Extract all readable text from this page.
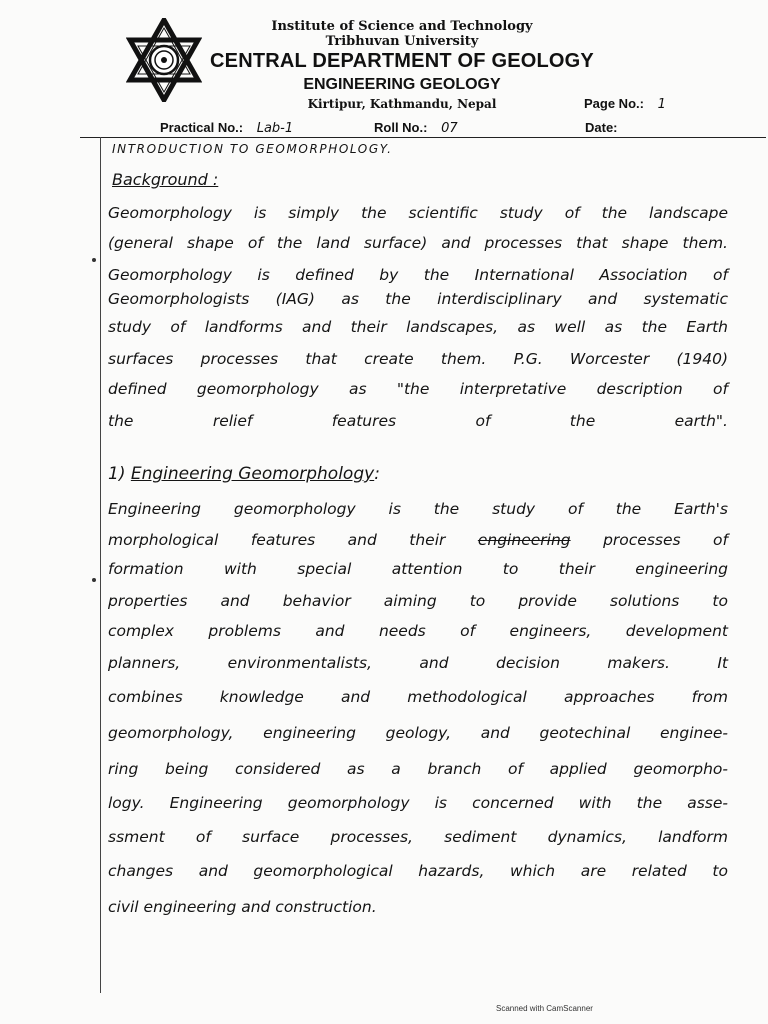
Institute of Science and Technology
Tribhuvan University
CENTRAL DEPARTMENT OF GEOLOGY
ENGINEERING GEOLOGY
Kirtipur, Kathmandu, Nepal	Page No.: 1
Practical No.: Lab-1	Roll No.: 07	Date:
INTRODUCTION TO GEOMORPHOLOGY.
Background :
Geomorphology is simply the scientific study of the landscape
(general shape of the land surface) and processes that shape them.
Geomorphology is defined by the International Association of
Geomorphologists (IAG) as the interdisciplinary and systematic
study of landforms and their landscapes, as well as the Earth
surfaces processes that create them. P.G. Worcester (1940)
defined geomorphology as "the interpretative description of
the relief features of the earth".
1) Engineering Geomorphology:
Engineering geomorphology is the study of the Earth's
morphological features and their engineering processes of
formation with special attention to their engineering
properties and behavior aiming to provide solutions to
complex problems and needs of engineers, development
planners, environmentalists, and decision makers. It
combines knowledge and methodological approaches from
geomorphology, engineering geology, and geotechinal enginee-
ring being considered as a branch of applied geomorpho-
logy. Engineering geomorphology is concerned with the asse-
ssment of surface processes, sediment dynamics, landform
changes and geomorphological hazards, which are related to
civil engineering and construction.
Scanned with CamScanner
